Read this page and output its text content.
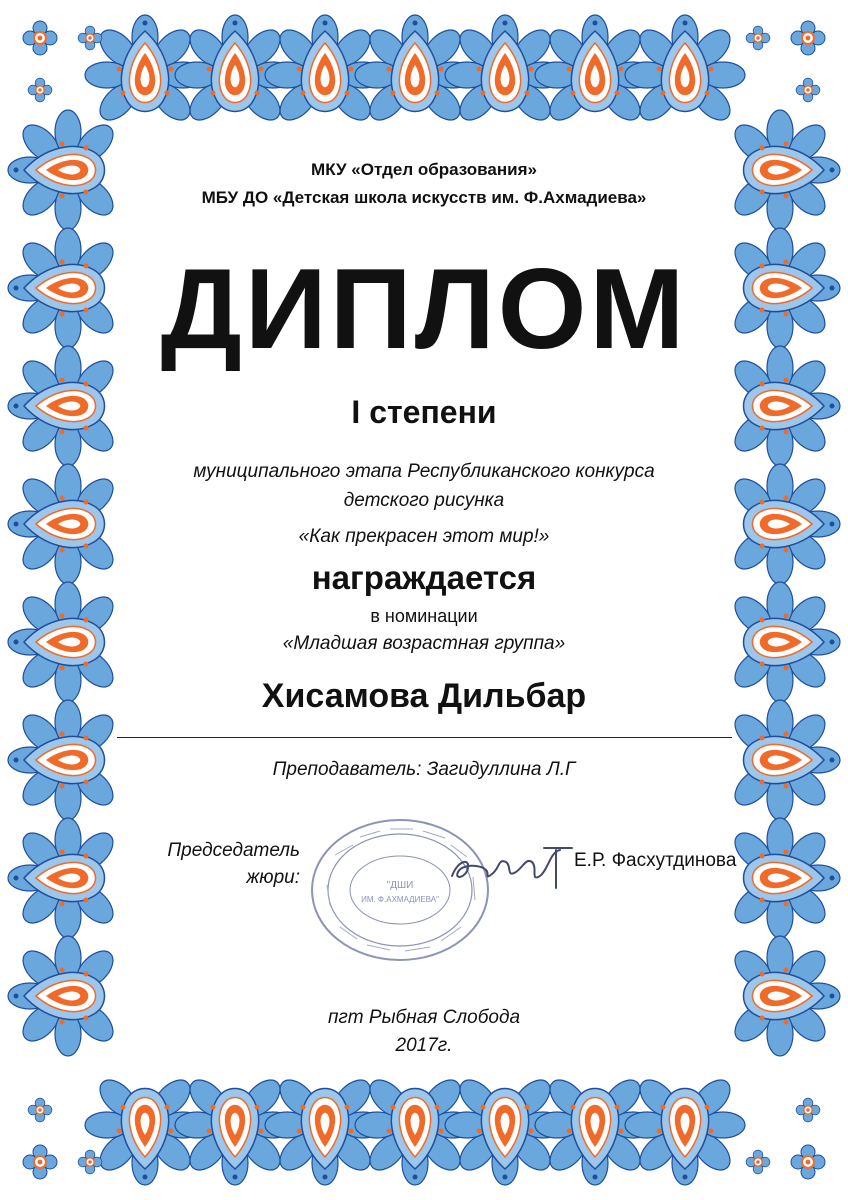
МКУ «Отдел образования»
МБУ ДО «Детская школа искусств им. Ф.Ахмадиева»
ДИПЛОМ
I степени
муниципального этапа Республиканского конкурса
детского рисунка
«Как прекрасен этот мир!»
награждается
в номинации
«Младшая возрастная группа»
Хисамова Дильбар
Преподаватель: Загидуллина Л.Г
Председатель
жюри:	"ДШИ
ИМ. Ф.АХМАДИЕВА"
Е.Р. Фасхутдинова
пгт Рыбная Слобода
2017г.
